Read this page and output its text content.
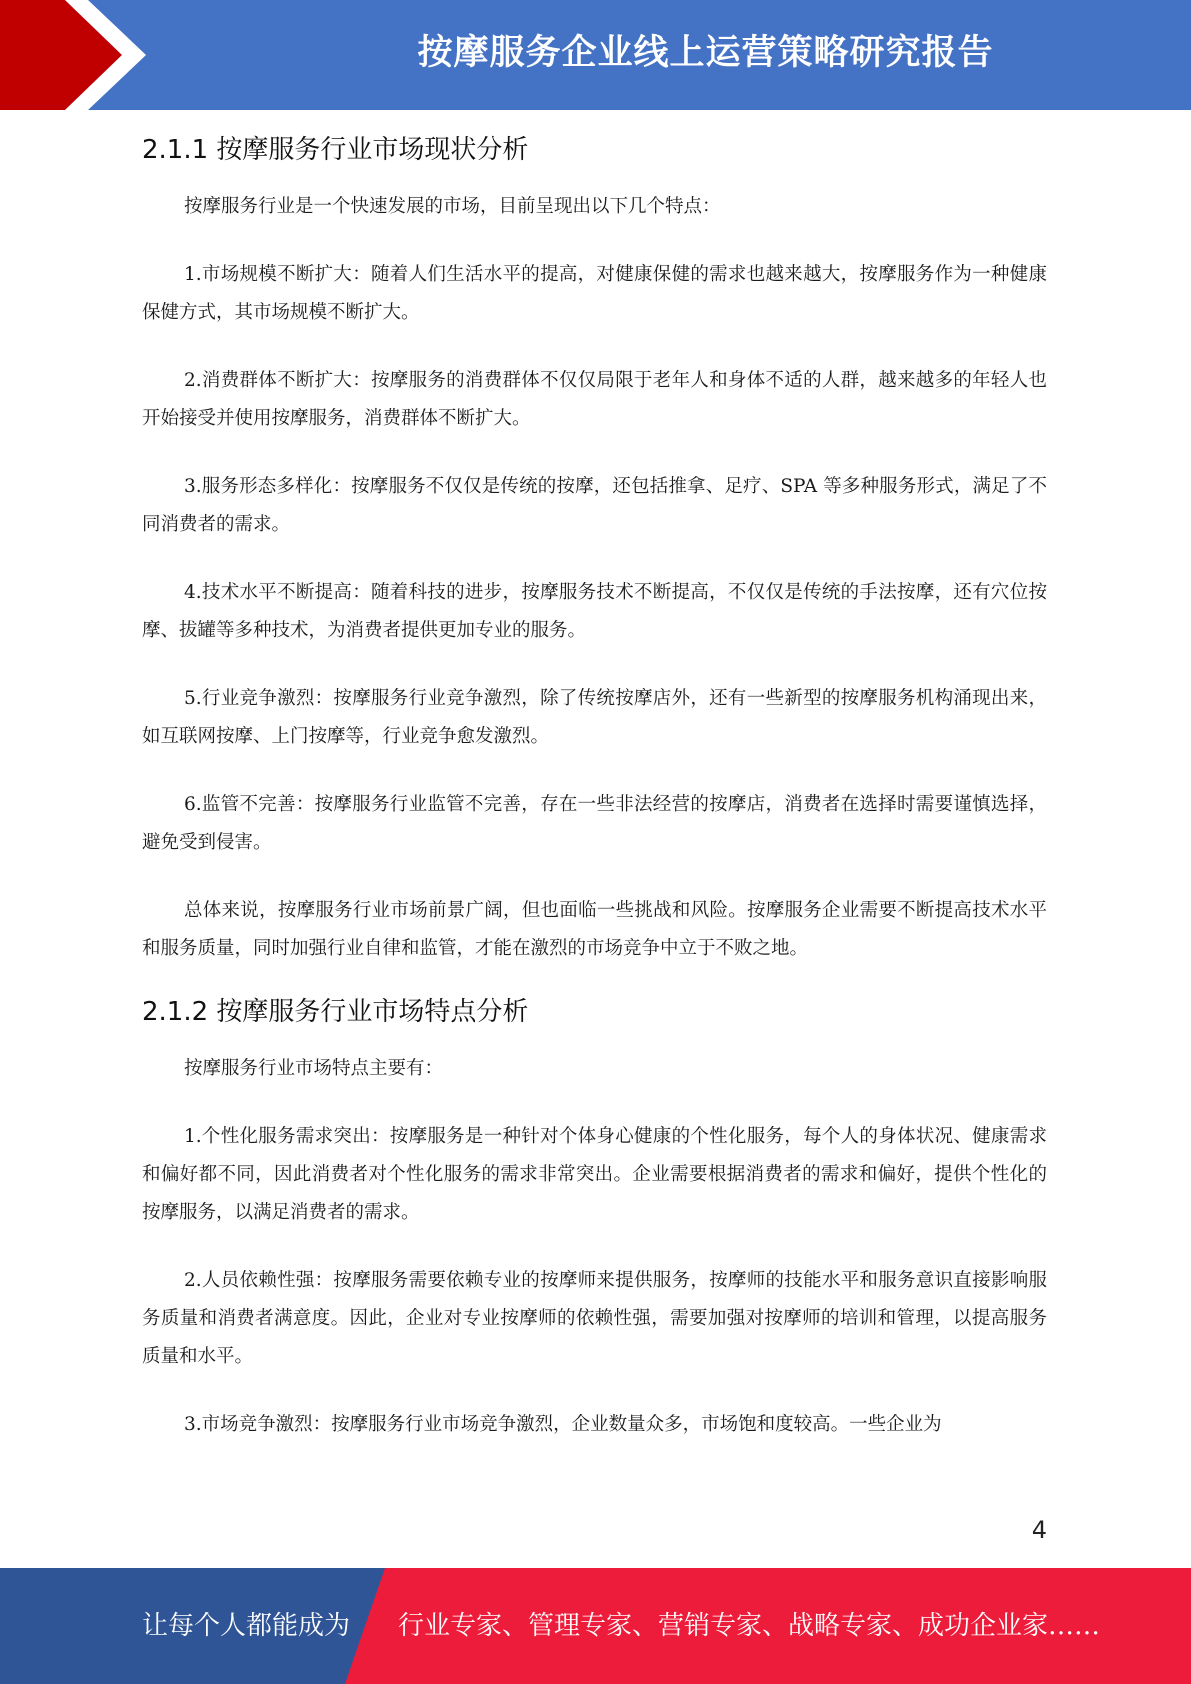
按摩服务企业线上运营策略研究报告
2.1.1 按摩服务行业市场现状分析

按摩服务行业是一个快速发展的市场，目前呈现出以下几个特点：

1.市场规模不断扩大：随着人们生活水平的提高，对健康保健的需求也越来越大，按摩服务作为一种健康保健方式，其市场规模不断扩大。

2.消费群体不断扩大：按摩服务的消费群体不仅仅局限于老年人和身体不适的人群，越来越多的年轻人也开始接受并使用按摩服务，消费群体不断扩大。

3.服务形态多样化：按摩服务不仅仅是传统的按摩，还包括推拿、足疗、SPA 等多种服务形式，满足了不同消费者的需求。

4.技术水平不断提高：随着科技的进步，按摩服务技术不断提高，不仅仅是传统的手法按摩，还有穴位按摩、拔罐等多种技术，为消费者提供更加专业的服务。

5.行业竞争激烈：按摩服务行业竞争激烈，除了传统按摩店外，还有一些新型的按摩服务机构涌现出来，如互联网按摩、上门按摩等，行业竞争愈发激烈。

6.监管不完善：按摩服务行业监管不完善，存在一些非法经营的按摩店，消费者在选择时需要谨慎选择，避免受到侵害。

总体来说，按摩服务行业市场前景广阔，但也面临一些挑战和风险。按摩服务企业需要不断提高技术水平和服务质量，同时加强行业自律和监管，才能在激烈的市场竞争中立于不败之地。

2.1.2 按摩服务行业市场特点分析

按摩服务行业市场特点主要有：

1.个性化服务需求突出：按摩服务是一种针对个体身心健康的个性化服务，每个人的身体状况、健康需求和偏好都不同，因此消费者对个性化服务的需求非常突出。企业需要根据消费者的需求和偏好，提供个性化的按摩服务，以满足消费者的需求。

2.人员依赖性强：按摩服务需要依赖专业的按摩师来提供服务，按摩师的技能水平和服务意识直接影响服务质量和消费者满意度。因此，企业对专业按摩师的依赖性强，需要加强对按摩师的培训和管理，以提高服务质量和水平。

3.市场竞争激烈：按摩服务行业市场竞争激烈，企业数量众多，市场饱和度较高。一些企业为

4
让每个人都能成为 行业专家、管理专家、营销专家、战略专家、成功企业家……
